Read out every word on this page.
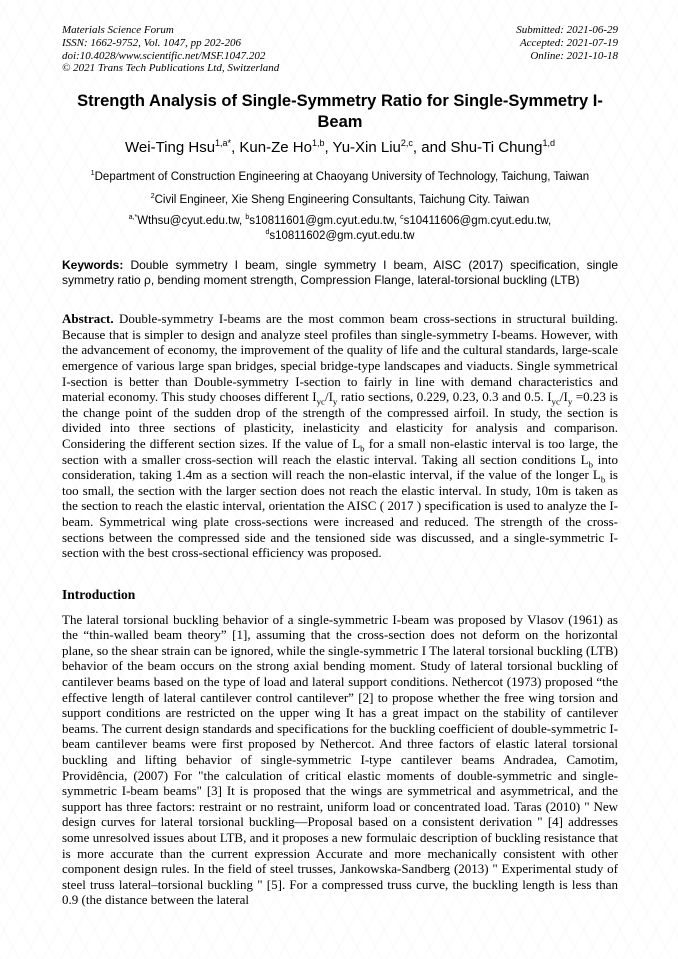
Materials Science Forum
ISSN: 1662-9752, Vol. 1047, pp 202-206
doi:10.4028/www.scientific.net/MSF.1047.202
© 2021 Trans Tech Publications Ltd, Switzerland
Submitted: 2021-06-29
Accepted: 2021-07-19
Online: 2021-10-18
Strength Analysis of Single-Symmetry Ratio for Single-Symmetry I-Beam
Wei-Ting Hsu$^{1,a*}$, Kun-Ze Ho$^{1,b}$, Yu-Xin Liu$^{2,c}$, and Shu-Ti Chung$^{1,d}$
$^1$Department of Construction Engineering at Chaoyang University of Technology, Taichung, Taiwan
$^2$Civil Engineer, Xie Sheng Engineering Consultants, Taichung City. Taiwan
$^{a,*}$Wthsu@cyut.edu.tw, $^b$s10811601@gm.cyut.edu.tw, $^c$s10411606@gm.cyut.edu.tw, $^d$s10811602@gm.cyut.edu.tw

Keywords: Double symmetry I beam, single symmetry I beam, AISC (2017) specification, single symmetry ratio ρ, bending moment strength, Compression Flange, lateral-torsional buckling (LTB)

Abstract. Double-symmetry I-beams are the most common beam cross-sections in structural building. Because that is simpler to design and analyze steel profiles than single-symmetry I-beams. However, with the advancement of economy, the improvement of the quality of life and the cultural standards, large-scale emergence of various large span bridges, special bridge-type landscapes and viaducts. Single symmetrical I-section is better than Double-symmetry I-section to fairly in line with demand characteristics and material economy. This study chooses different $I_{yc}/I_y$ ratio sections, 0.229, 0.23, 0.3 and 0.5. $I_{yc}/I_y =0.23$ is the change point of the sudden drop of the strength of the compressed airfoil. In study, the section is divided into three sections of plasticity, inelasticity and elasticity for analysis and comparison. Considering the different section sizes. If the value of $L_b$ for a small non-elastic interval is too large, the section with a smaller cross-section will reach the elastic interval. Taking all section conditions $L_b$ into consideration, taking 1.4m as a section will reach the non-elastic interval, if the value of the longer $L_b$ is too small, the section with the larger section does not reach the elastic interval. In study, 10m is taken as the section to reach the elastic interval, orientation the AISC ( 2017 ) specification is used to analyze the I-beam. Symmetrical wing plate cross-sections were increased and reduced. The strength of the cross-sections between the compressed side and the tensioned side was discussed, and a single-symmetric I-section with the best cross-sectional efficiency was proposed.

Introduction

The lateral torsional buckling behavior of a single-symmetric I-beam was proposed by Vlasov (1961) as the “thin-walled beam theory” [1], assuming that the cross-section does not deform on the horizontal plane, so the shear strain can be ignored, while the single-symmetric I The lateral torsional buckling (LTB) behavior of the beam occurs on the strong axial bending moment. Study of lateral torsional buckling of cantilever beams based on the type of load and lateral support conditions. Nethercot (1973) proposed “the effective length of lateral cantilever control cantilever” [2] to propose whether the free wing torsion and support conditions are restricted on the upper wing It has a great impact on the stability of cantilever beams. The current design standards and specifications for the buckling coefficient of double-symmetric I-beam cantilever beams were first proposed by Nethercot. And three factors of elastic lateral torsional buckling and lifting behavior of single-symmetric I-type cantilever beams Andradea, Camotim, Providência, (2007) For "the calculation of critical elastic moments of double-symmetric and single-symmetric I-beam beams" [3] It is proposed that the wings are symmetrical and asymmetrical, and the support has three factors: restraint or no restraint, uniform load or concentrated load. Taras (2010) " New design curves for lateral torsional buckling—Proposal based on a consistent derivation " [4] addresses some unresolved issues about LTB, and it proposes a new formulaic description of buckling resistance that is more accurate than the current expression Accurate and more mechanically consistent with other component design rules. In the field of steel trusses, Jankowska-Sandberg (2013) " Experimental study of steel truss lateral–torsional buckling " [5]. For a compressed truss curve, the buckling length is less than 0.9 (the distance between the lateral
